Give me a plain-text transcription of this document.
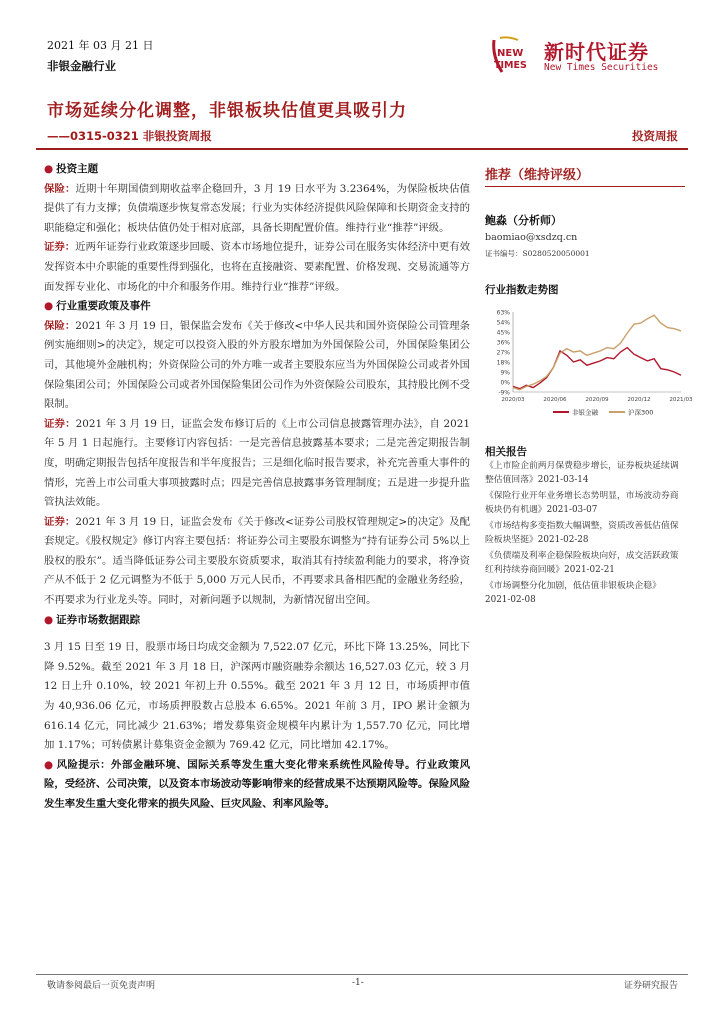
2021 年 03 月 21 日
非银金融行业
NEW
TIMES
新时代证券
New Times Securities
市场延续分化调整，非银板块估值更具吸引力
——0315-0321 非银投资周报	投资周报
● 投资主题

保险：近期十年期国债到期收益率企稳回升，3 月 19 日水平为 3.2364%，为保险板块估值提供了有力支撑；负债端逐步恢复常态发展；行业为实体经济提供风险保障和长期资金支持的职能稳定和强化；板块估值仍处于相对底部，具备长期配置价值。维持行业“推荐”评级。

证券：近两年证券行业政策逐步回暖、资本市场地位提升，证券公司在服务实体经济中更有效发挥资本中介职能的重要性得到强化，也将在直接融资、要素配置、价格发现、交易流通等方面发挥专业化、市场化的中介和服务作用。维持行业“推荐”评级。

● 行业重要政策及事件

保险：2021 年 3 月 19 日，银保监会发布《关于修改<中华人民共和国外资保险公司管理条例实施细则>的决定》，规定可以投资入股的外方股东增加为外国保险公司，外国保险集团公司，其他境外金融机构；外资保险公司的外方唯一或者主要股东应当为外国保险公司或者外国保险集团公司；外国保险公司或者外国保险集团公司作为外资保险公司股东，其持股比例不受限制。

证券：2021 年 3 月 19 日，证监会发布修订后的《上市公司信息披露管理办法》，自 2021 年 5 月 1 日起施行。主要修订内容包括：一是完善信息披露基本要求；二是完善定期报告制度，明确定期报告包括年度报告和半年度报告；三是细化临时报告要求，补充完善重大事件的情形，完善上市公司重大事项披露时点；四是完善信息披露事务管理制度；五是进一步提升监管执法效能。

证券：2021 年 3 月 19 日，证监会发布《关于修改<证券公司股权管理规定>的决定》及配套规定。《股权规定》修订内容主要包括：将证券公司主要股东调整为“持有证券公司 5%以上股权的股东”。适当降低证券公司主要股东资质要求，取消其有持续盈利能力的要求，将净资产从不低于 2 亿元调整为不低于 5,000 万元人民币，不再要求具备相匹配的金融业务经验，不再要求为行业龙头等。同时，对新问题予以规制，为新情况留出空间。

● 证券市场数据跟踪

3 月 15 日至 19 日，股票市场日均成交金额为 7,522.07 亿元，环比下降 13.25%，同比下降 9.52%。截至 2021 年 3 月 18 日，沪深两市融资融券余额达 16,527.03 亿元，较 3 月 12 日上升 0.10%，较 2021 年初上升 0.55%。截至 2021 年 3 月 12 日，市场质押市值为 40,936.06 亿元，市场质押股数占总股本 6.65%。2021 年前 3 月，IPO 累计金额为 616.14 亿元，同比减少 21.63%；增发募集资金规模年内累计为 1,557.70 亿元，同比增加 1.17%；可转债累计募集资金金额为 769.42 亿元，同比增加 42.17%。

● 风险提示：外部金融环境、国际关系等发生重大变化带来系统性风险传导。行业政策风险，受经济、公司决策，以及资本市场波动等影响带来的经营成果不达预期风险等。保险风险发生率发生重大变化带来的损失风险、巨灾风险、利率风险等。

推荐（维持评级）
鲍淼（分析师）
baomiao@xsdzq.cn
证书编号：S0280520050001
行业指数走势图
63%
54%
45%
36%
27%
18%
9%
0%
-9%
2020/03	2020/06	2020/09	2020/12	2021/03
非银金融	沪深300
相关报告
《上市险企前两月保费稳步增长，证券板块延续调整估值回落》2021-03-14
《保险行业开年业务增长态势明显，市场波动券商板块仍有机遇》2021-03-07
《市场结构多变指数大幅调整，资质改善低估值保险板块坚挺》2021-02-28
《负债端及利率企稳保险板块向好，成交活跃政策红利持续券商回暖》2021-02-21
《市场调整分化加剧，低估值非银板块企稳》2021-02-08
敬请参阅最后一页免责声明	-1-	证券研究报告
